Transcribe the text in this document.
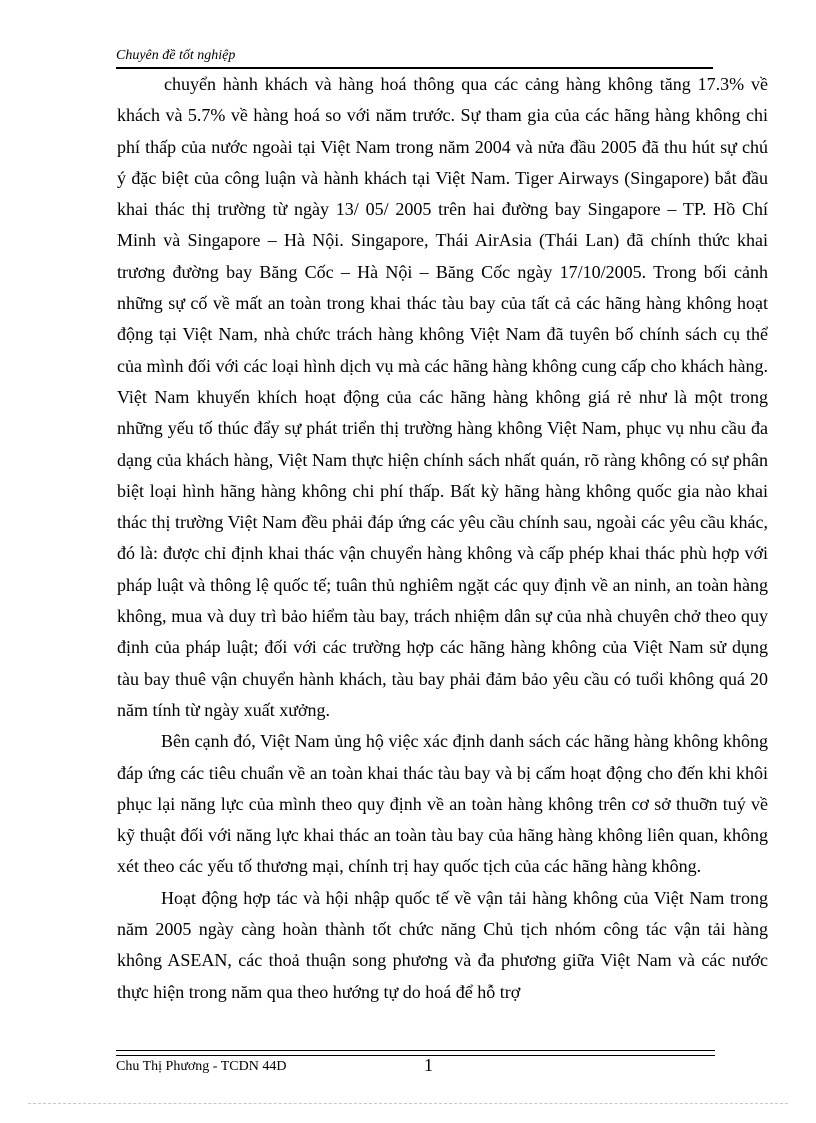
Chuyên đề tốt nghiệp

chuyển hành khách và hàng hoá thông qua các cảng hàng không tăng 17.3% về khách và 5.7% về hàng hoá so với năm trước. Sự tham gia của các hãng hàng không chi phí thấp của nước ngoài tại Việt Nam trong năm 2004 và nửa đầu 2005 đã thu hút sự chú ý đặc biệt của công luận và hành khách tại Việt Nam. Tiger Airways (Singapore) bắt đầu khai thác thị trường từ ngày 13/ 05/ 2005 trên hai đường bay Singapore – TP. Hồ Chí Minh và Singapore – Hà Nội. Singapore, Thái AirAsia (Thái Lan) đã chính thức khai trương đường bay Băng Cốc – Hà Nội – Băng Cốc ngày 17/10/2005. Trong bối cảnh những sự cố về mất an toàn trong khai thác tàu bay của tất cả các hãng hàng không hoạt động tại Việt Nam, nhà chức trách hàng không Việt Nam đã tuyên bố chính sách cụ thể của mình đối với các loại hình dịch vụ mà các hãng hàng không cung cấp cho khách hàng. Việt Nam khuyến khích hoạt động của các hãng hàng không giá rẻ như là một trong những yếu tố thúc đẩy sự phát triển thị trường hàng không Việt Nam, phục vụ nhu cầu đa dạng của khách hàng, Việt Nam thực hiện chính sách nhất quán, rõ ràng không có sự phân biệt loại hình hãng hàng không chi phí thấp. Bất kỳ hãng hàng không quốc gia nào khai thác thị trường Việt Nam đều phải đáp ứng các yêu cầu chính sau, ngoài các yêu cầu khác, đó là: được chỉ định khai thác vận chuyển hàng không và cấp phép khai thác phù hợp với pháp luật và thông lệ quốc tế; tuân thủ nghiêm ngặt các quy định về an ninh, an toàn hàng không, mua và duy trì bảo hiểm tàu bay, trách nhiệm dân sự của nhà chuyên chở theo quy định của pháp luật; đối với các trường hợp các hãng hàng không của Việt Nam sử dụng tàu bay thuê vận chuyển hành khách, tàu bay phải đảm bảo yêu cầu có tuổi không quá 20 năm tính từ ngày xuất xưởng.

Bên cạnh đó, Việt Nam ủng hộ việc xác định danh sách các hãng hàng không không đáp ứng các tiêu chuẩn về an toàn khai thác tàu bay và bị cấm hoạt động cho đến khi khôi phục lại năng lực của mình theo quy định về an toàn hàng không trên cơ sở thuỡn tuý về kỹ thuật đối với năng lực khai thác an toàn tàu bay của hãng hàng không liên quan, không xét theo các yếu tố thương mại, chính trị hay quốc tịch của các hãng hàng không.

Hoạt động hợp tác và hội nhập quốc tế về vận tải hàng không của Việt Nam trong năm 2005 ngày càng hoàn thành tốt chức năng Chủ tịch nhóm công tác vận tải hàng không ASEAN, các thoả thuận song phương và đa phương giữa Việt Nam và các nước thực hiện trong năm qua theo hướng tự do hoá để hỗ trợ

Chu Thị Phương - TCDN 44D	1
